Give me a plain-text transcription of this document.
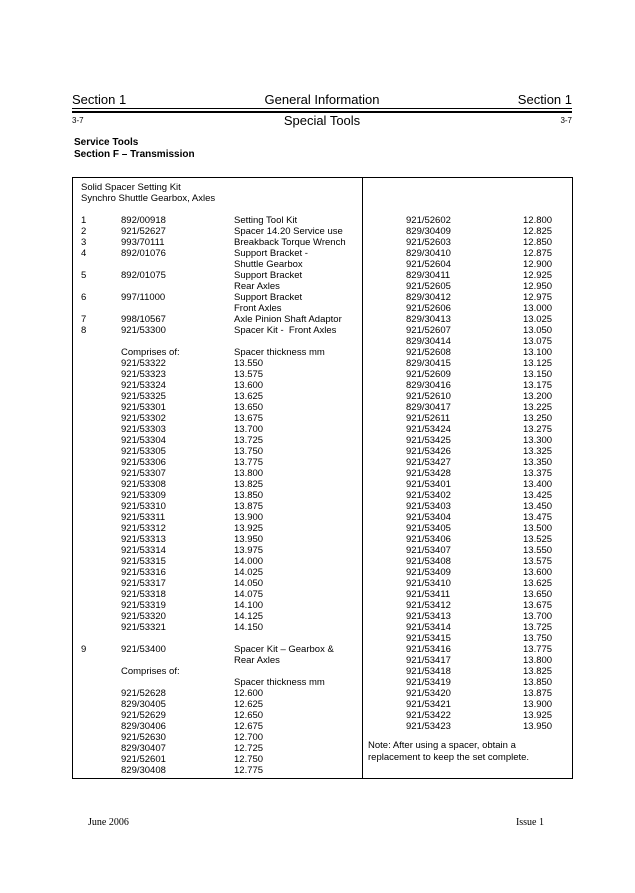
Section 1	General Information	Section 1
3-7	Special Tools	3-7
Service Tools
Section F – Transmission
Solid Spacer Setting Kit
Synchro Shuttle Gearbox, Axles
1	892/00918	Setting Tool Kit
2	921/52627	Spacer 14.20 Service use
3	993/70111	Breakback Torque Wrench
4	892/01076	Support Bracket -
Shuttle Gearbox
5	892/01075	Support Bracket
Rear Axles
6	997/11000	Support Bracket
Front Axles
7	998/10567	Axle Pinion Shaft Adaptor
8	921/53300	Spacer Kit -  Front Axles
Comprises of:	Spacer thickness mm
921/53322	13.550
921/53323	13.575
921/53324	13.600
921/53325	13.625
921/53301	13.650
921/53302	13.675
921/53303	13.700
921/53304	13.725
921/53305	13.750
921/53306	13.775
921/53307	13.800
921/53308	13.825
921/53309	13.850
921/53310	13.875
921/53311	13.900
921/53312	13.925
921/53313	13.950
921/53314	13.975
921/53315	14.000
921/53316	14.025
921/53317	14.050
921/53318	14.075
921/53319	14.100
921/53320	14.125
921/53321	14.150
9	921/53400	Spacer Kit – Gearbox &
Rear Axles
Comprises of:
Spacer thickness mm
921/52628	12.600
829/30405	12.625
921/52629	12.650
829/30406	12.675
921/52630	12.700
829/30407	12.725
921/52601	12.750
829/30408	12.775
921/52602	12.800
829/30409	12.825
921/52603	12.850
829/30410	12.875
921/52604	12.900
829/30411	12.925
921/52605	12.950
829/30412	12.975
921/52606	13.000
829/30413	13.025
921/52607	13.050
829/30414	13.075
921/52608	13.100
829/30415	13.125
921/52609	13.150
829/30416	13.175
921/52610	13.200
829/30417	13.225
921/52611	13.250
921/53424	13.275
921/53425	13.300
921/53426	13.325
921/53427	13.350
921/53428	13.375
921/53401	13.400
921/53402	13.425
921/53403	13.450
921/53404	13.475
921/53405	13.500
921/53406	13.525
921/53407	13.550
921/53408	13.575
921/53409	13.600
921/53410	13.625
921/53411	13.650
921/53412	13.675
921/53413	13.700
921/53414	13.725
921/53415	13.750
921/53416	13.775
921/53417	13.800
921/53418	13.825
921/53419	13.850
921/53420	13.875
921/53421	13.900
921/53422	13.925
921/53423	13.950
Note: After using a spacer, obtain a
replacement to keep the set complete.
June 2006	Issue 1
